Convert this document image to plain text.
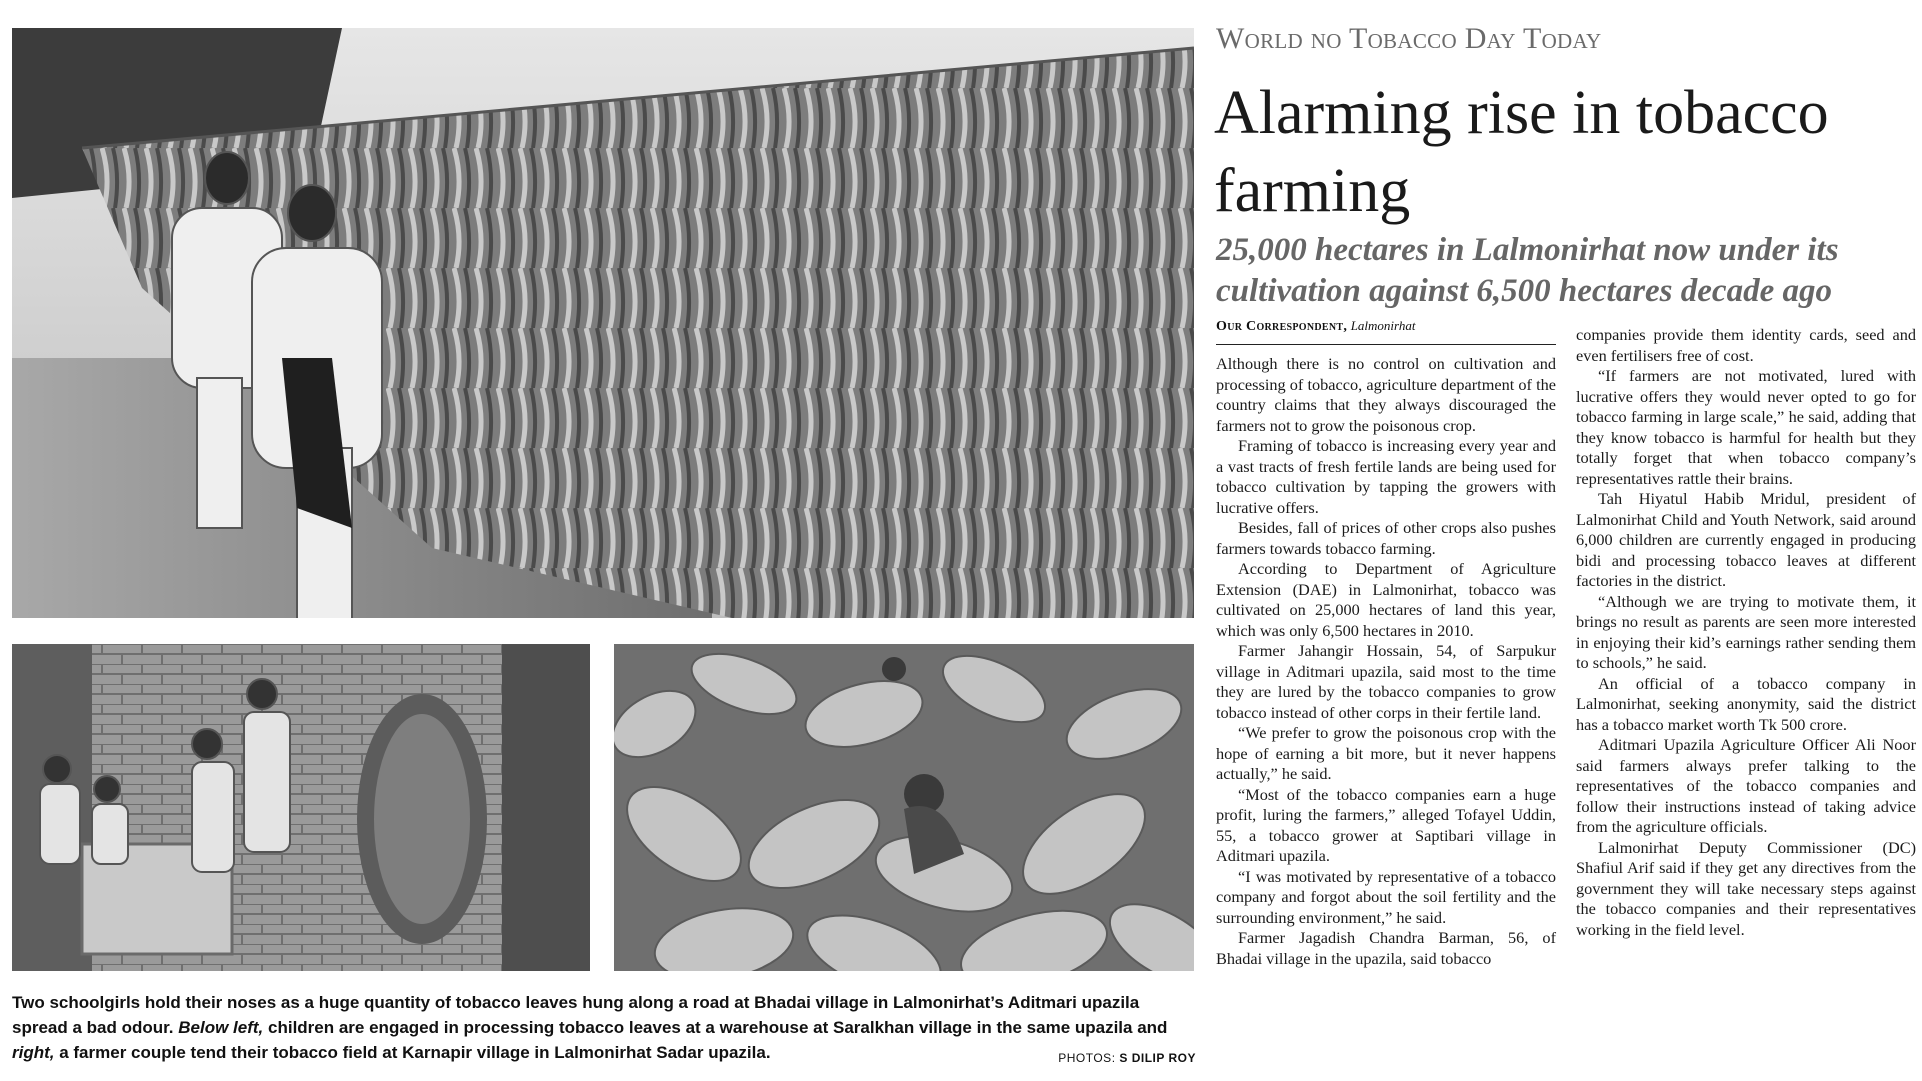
Two schoolgirls hold their noses as a huge quantity of tobacco leaves hung along a road at Bhadai village in Lalmonirhat’s Aditmari upazila spread a bad odour. Below left, children are engaged in processing tobacco leaves at a warehouse at Saralkhan village in the same upazila and right, a farmer couple tend their tobacco field at Karnapir village in Lalmonirhat Sadar upazila.	PHOTOS: S DILIP ROY
World no Tobacco Day Today
Alarming rise in tobacco farming
25,000 hectares in Lalmonirhat now under its cultivation against 6,500 hectares decade ago
Our Correspondent, Lalmonirhat

Although there is no control on cultivation and processing of tobacco, agriculture department of the country claims that they always discouraged the farmers not to grow the poisonous crop.

Framing of tobacco is increasing every year and a vast tracts of fresh fertile lands are being used for tobacco cultivation by tapping the growers with lucrative offers.

Besides, fall of prices of other crops also pushes farmers towards tobacco farming.

According to Department of Agriculture Extension (DAE) in Lalmonirhat, tobacco was cultivated on 25,000 hectares of land this year, which was only 6,500 hectares in 2010.

Farmer Jahangir Hossain, 54, of Sarpukur village in Aditmari upazila, said most to the time they are lured by the tobacco companies to grow tobacco instead of other corps in their fertile land.

“We prefer to grow the poisonous crop with the hope of earning a bit more, but it never happens actually,” he said.

“Most of the tobacco companies earn a huge profit, luring the farmers,” alleged Tofayel Uddin, 55, a tobacco grower at Saptibari village in Aditmari upazila.

“I was motivated by representative of a tobacco company and forgot about the soil fertility and the surrounding environment,” he said.

Farmer Jagadish Chandra Barman, 56, of Bhadai village in the upazila, said tobacco

companies provide them identity cards, seed and even fertilisers free of cost.

“If farmers are not motivated, lured with lucrative offers they would never opted to go for tobacco farming in large scale,” he said, adding that they know tobacco is harmful for health but they totally forget that when tobacco company’s representatives rattle their brains.

Tah Hiyatul Habib Mridul, president of Lalmonirhat Child and Youth Network, said around 6,000 children are currently engaged in producing bidi and processing tobacco leaves at different factories in the district.

“Although we are trying to motivate them, it brings no result as parents are seen more interested in enjoying their kid’s earnings rather sending them to schools,” he said.

An official of a tobacco company in Lalmonirhat, seeking anonymity, said the district has a tobacco market worth Tk 500 crore.

Aditmari Upazila Agriculture Officer Ali Noor said farmers always prefer talking to the representatives of the tobacco companies and follow their instructions instead of taking advice from the agriculture officials.

Lalmonirhat Deputy Commissioner (DC) Shafiul Arif said if they get any directives from the government they will take necessary steps against the tobacco companies and their representatives working in the field level.
